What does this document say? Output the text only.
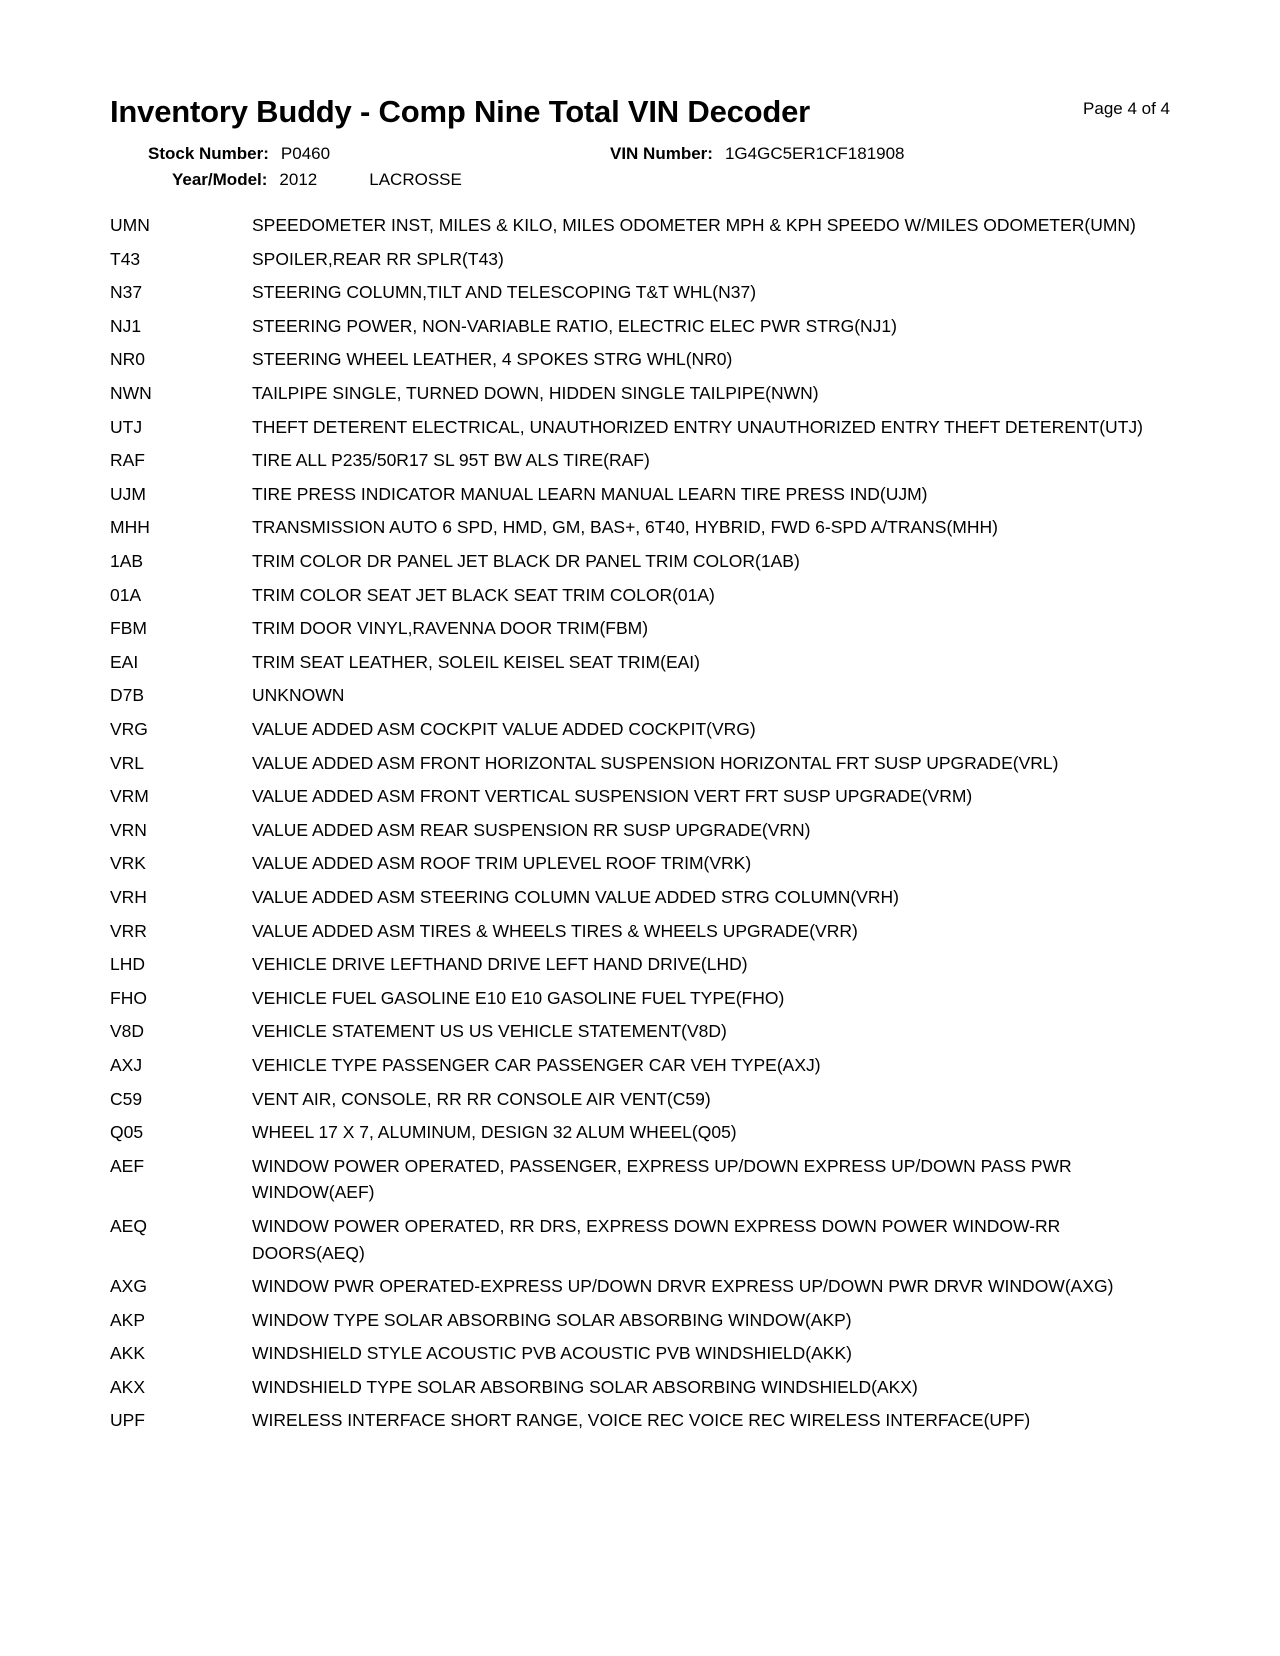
Inventory Buddy - Comp Nine Total VIN Decoder	Page 4 of 4
Stock Number: P0460	VIN Number: 1G4GC5ER1CF181908
Year/Model: 2012	LACROSSE
UMN	SPEEDOMETER INST, MILES & KILO, MILES ODOMETER MPH & KPH SPEEDO W/MILES ODOMETER(UMN)
T43	SPOILER,REAR RR SPLR(T43)
N37	STEERING COLUMN,TILT AND TELESCOPING T&T WHL(N37)
NJ1	STEERING POWER, NON-VARIABLE RATIO, ELECTRIC ELEC PWR STRG(NJ1)
NR0	STEERING WHEEL LEATHER, 4 SPOKES STRG WHL(NR0)
NWN	TAILPIPE SINGLE, TURNED DOWN, HIDDEN SINGLE TAILPIPE(NWN)
UTJ	THEFT DETERENT ELECTRICAL, UNAUTHORIZED ENTRY UNAUTHORIZED ENTRY THEFT DETERENT(UTJ)
RAF	TIRE ALL P235/50R17 SL 95T BW ALS TIRE(RAF)
UJM	TIRE PRESS INDICATOR MANUAL LEARN MANUAL LEARN TIRE PRESS IND(UJM)
MHH	TRANSMISSION AUTO 6 SPD, HMD, GM, BAS+, 6T40, HYBRID, FWD 6-SPD A/TRANS(MHH)
1AB	TRIM COLOR DR PANEL JET BLACK DR PANEL TRIM COLOR(1AB)
01A	TRIM COLOR SEAT JET BLACK SEAT TRIM COLOR(01A)
FBM	TRIM DOOR VINYL,RAVENNA DOOR TRIM(FBM)
EAI	TRIM SEAT LEATHER, SOLEIL KEISEL SEAT TRIM(EAI)
D7B	UNKNOWN
VRG	VALUE ADDED ASM COCKPIT VALUE ADDED COCKPIT(VRG)
VRL	VALUE ADDED ASM FRONT HORIZONTAL SUSPENSION HORIZONTAL FRT SUSP UPGRADE(VRL)
VRM	VALUE ADDED ASM FRONT VERTICAL SUSPENSION VERT FRT SUSP UPGRADE(VRM)
VRN	VALUE ADDED ASM REAR SUSPENSION RR SUSP UPGRADE(VRN)
VRK	VALUE ADDED ASM ROOF TRIM UPLEVEL ROOF TRIM(VRK)
VRH	VALUE ADDED ASM STEERING COLUMN VALUE ADDED STRG COLUMN(VRH)
VRR	VALUE ADDED ASM TIRES & WHEELS TIRES & WHEELS UPGRADE(VRR)
LHD	VEHICLE DRIVE LEFTHAND DRIVE LEFT HAND DRIVE(LHD)
FHO	VEHICLE FUEL GASOLINE E10 E10 GASOLINE FUEL TYPE(FHO)
V8D	VEHICLE STATEMENT US US VEHICLE STATEMENT(V8D)
AXJ	VEHICLE TYPE PASSENGER CAR PASSENGER CAR VEH TYPE(AXJ)
C59	VENT AIR, CONSOLE, RR RR CONSOLE AIR VENT(C59)
Q05	WHEEL 17 X 7, ALUMINUM, DESIGN 32 ALUM WHEEL(Q05)
AEF	WINDOW POWER OPERATED, PASSENGER, EXPRESS UP/DOWN EXPRESS UP/DOWN PASS PWR WINDOW(AEF)
AEQ	WINDOW POWER OPERATED, RR DRS, EXPRESS DOWN EXPRESS DOWN POWER WINDOW-RR DOORS(AEQ)
AXG	WINDOW PWR OPERATED-EXPRESS UP/DOWN DRVR EXPRESS UP/DOWN PWR DRVR WINDOW(AXG)
AKP	WINDOW TYPE SOLAR ABSORBING SOLAR ABSORBING WINDOW(AKP)
AKK	WINDSHIELD STYLE ACOUSTIC PVB ACOUSTIC PVB WINDSHIELD(AKK)
AKX	WINDSHIELD TYPE SOLAR ABSORBING SOLAR ABSORBING WINDSHIELD(AKX)
UPF	WIRELESS INTERFACE SHORT RANGE, VOICE REC VOICE REC WIRELESS INTERFACE(UPF)
